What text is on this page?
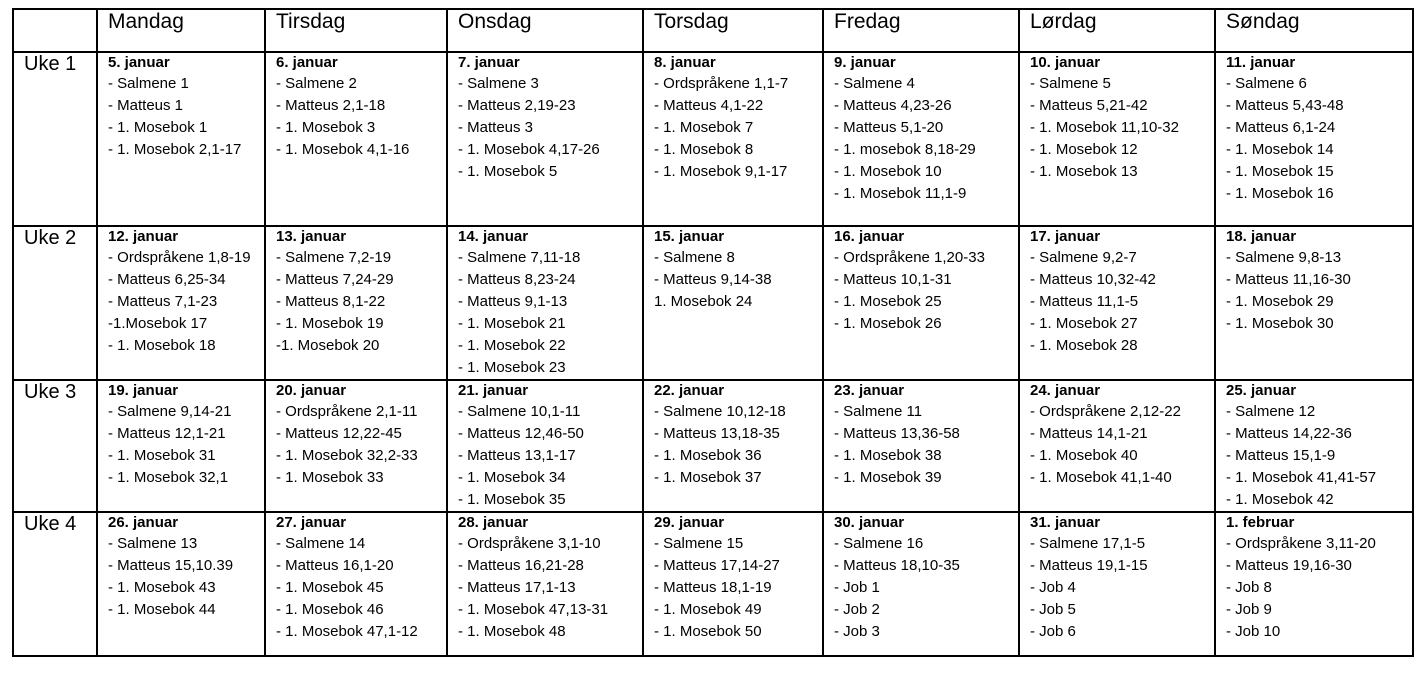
	Mandag	Tirsdag	Onsdag	Torsdag	Fredag	Lørdag	Søndag
Uke 1	5. januar
- Salmene 1
- Matteus 1
- 1. Mosebok 1
- 1. Mosebok 2,1-17

6. januar
- Salmene 2
- Matteus 2,1-18
- 1. Mosebok 3
- 1. Mosebok 4,1-16

7. januar
- Salmene 3
- Matteus 2,19-23
- Matteus 3
- 1. Mosebok 4,17-26
- 1. Mosebok 5

8. januar
- Ordspråkene 1,1-7
- Matteus 4,1-22
- 1. Mosebok 7
- 1. Mosebok 8
- 1. Mosebok 9,1-17

9. januar
- Salmene 4
- Matteus 4,23-26
- Matteus 5,1-20
- 1. mosebok 8,18-29
- 1. Mosebok 10
- 1. Mosebok 11,1-9

10. januar
- Salmene 5
- Matteus 5,21-42
- 1. Mosebok 11,10-32
- 1. Mosebok 12
- 1. Mosebok 13

11. januar
- Salmene 6
- Matteus 5,43-48
- Matteus 6,1-24
- 1. Mosebok 14
- 1. Mosebok 15
- 1. Mosebok 16

Uke 2	12. januar
- Ordspråkene 1,8-19
- Matteus 6,25-34
- Matteus 7,1-23
-1.Mosebok 17
- 1. Mosebok 18

13. januar
- Salmene 7,2-19
- Matteus 7,24-29
- Matteus 8,1-22
- 1. Mosebok 19
-1. Mosebok 20

14. januar
- Salmene 7,11-18
- Matteus 8,23-24
- Matteus 9,1-13
- 1. Mosebok 21
- 1. Mosebok 22
- 1. Mosebok 23

15. januar
- Salmene 8
- Matteus 9,14-38
1. Mosebok 24

16. januar
- Ordspråkene 1,20-33
- Matteus 10,1-31
- 1. Mosebok 25
- 1. Mosebok 26

17. januar
- Salmene 9,2-7
- Matteus 10,32-42
- Matteus 11,1-5
- 1. Mosebok 27
- 1. Mosebok 28

18. januar
- Salmene 9,8-13
- Matteus 11,16-30
- 1. Mosebok 29
- 1. Mosebok 30

Uke 3	19. januar
- Salmene 9,14-21
- Matteus 12,1-21
- 1. Mosebok 31
- 1. Mosebok 32,1

20. januar
- Ordspråkene 2,1-11
- Matteus 12,22-45
- 1. Mosebok 32,2-33
- 1. Mosebok 33

21. januar
- Salmene 10,1-11
- Matteus 12,46-50
- Matteus 13,1-17
- 1. Mosebok 34
- 1. Mosebok 35

22. januar
- Salmene 10,12-18
- Matteus 13,18-35
- 1. Mosebok 36
- 1. Mosebok 37

23. januar
- Salmene 11
- Matteus 13,36-58
- 1. Mosebok 38
- 1. Mosebok 39

24. januar
- Ordspråkene 2,12-22
- Matteus 14,1-21
- 1. Mosebok 40
- 1. Mosebok 41,1-40

25. januar
- Salmene 12
- Matteus 14,22-36
- Matteus 15,1-9
- 1. Mosebok 41,41-57
- 1. Mosebok 42

Uke 4	26. januar
- Salmene 13
- Matteus 15,10.39
- 1. Mosebok 43
- 1. Mosebok 44

27. januar
- Salmene 14
- Matteus 16,1-20
- 1. Mosebok 45
- 1. Mosebok 46
- 1. Mosebok 47,1-12

28. januar
- Ordspråkene 3,1-10
- Matteus 16,21-28
- Matteus 17,1-13
- 1. Mosebok 47,13-31
- 1. Mosebok 48

29. januar
- Salmene 15
- Matteus 17,14-27
- Matteus 18,1-19
- 1. Mosebok 49
- 1. Mosebok 50

30. januar
- Salmene 16
- Matteus 18,10-35
- Job 1
- Job 2
- Job 3

31. januar
- Salmene 17,1-5
- Matteus 19,1-15
- Job 4
- Job 5
- Job 6

1. februar
- Ordspråkene 3,11-20
- Matteus 19,16-30
- Job 8
- Job 9
- Job 10
